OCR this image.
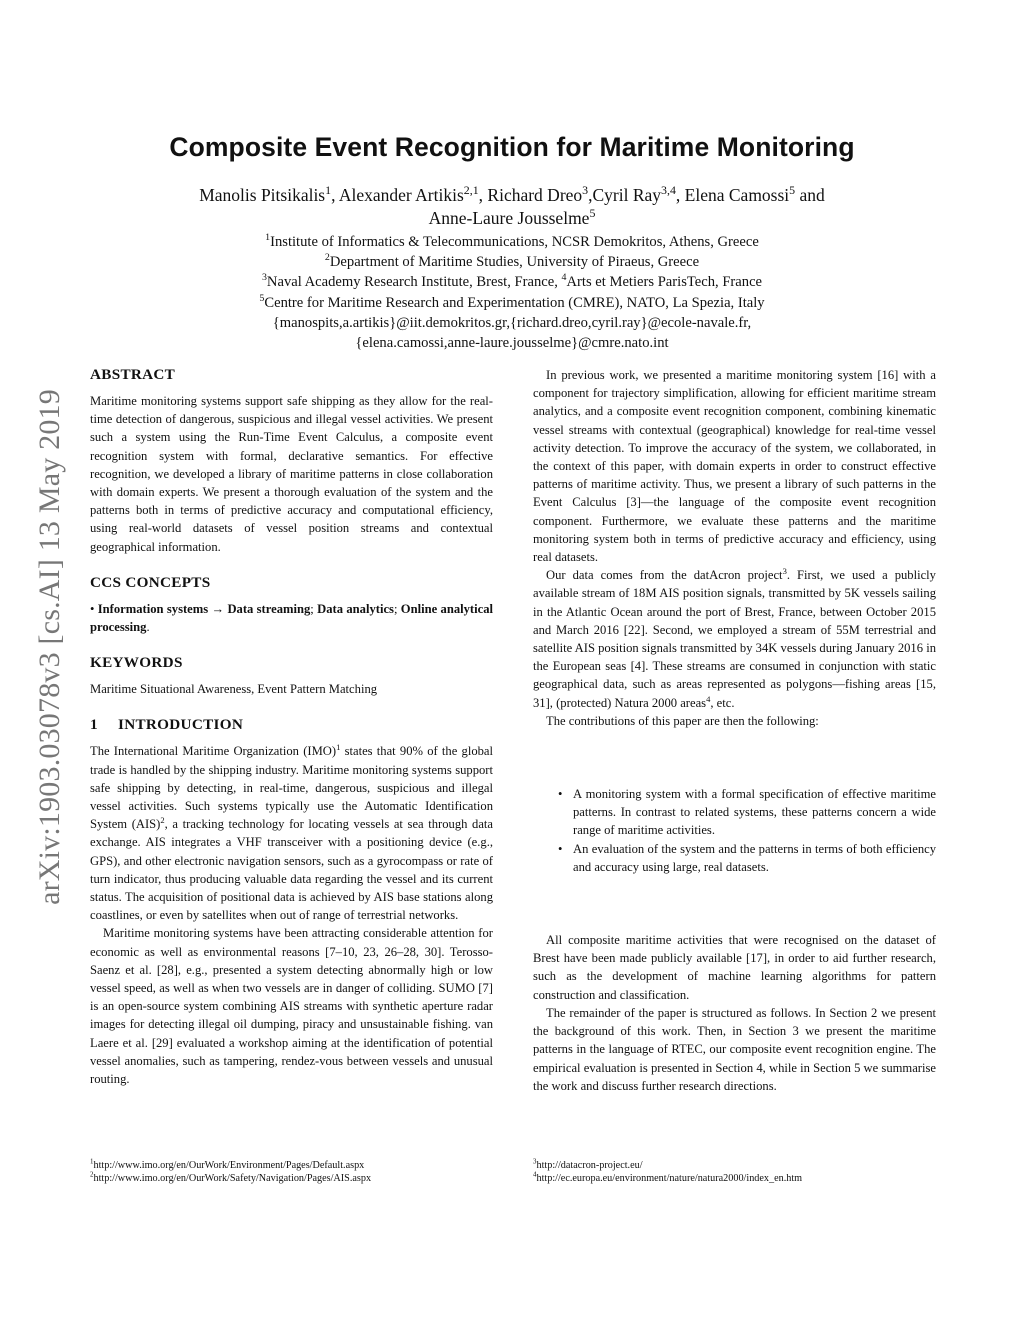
arXiv:1903.03078v3 [cs.AI] 13 May 2019
Composite Event Recognition for Maritime Monitoring
Manolis Pitsikalis$^1$, Alexander Artikis$^{2,1}$, Richard Dreo$^3$,Cyril Ray$^{3,4}$, Elena Camossi$^5$ and
Anne-Laure Jousselme$^5$
$^1$Institute of Informatics & Telecommunications, NCSR Demokritos, Athens, Greece
$^2$Department of Maritime Studies, University of Piraeus, Greece
$^3$Naval Academy Research Institute, Brest, France, $^4$Arts et Metiers ParisTech, France
$^5$Centre for Maritime Research and Experimentation (CMRE), NATO, La Spezia, Italy
{manospits,a.artikis}@iit.demokritos.gr,{richard.dreo,cyril.ray}@ecole-navale.fr,
{elena.camossi,anne-laure.jousselme}@cmre.nato.int
ABSTRACT

Maritime monitoring systems support safe shipping as they allow for the real-time detection of dangerous, suspicious and illegal vessel activities. We present such a system using the Run-Time Event Calculus, a composite event recognition system with formal, declarative semantics. For effective recognition, we developed a library of maritime patterns in close collaboration with domain experts. We present a thorough evaluation of the system and the patterns both in terms of predictive accuracy and computational efficiency, using real-world datasets of vessel position streams and contextual geographical information.

CCS CONCEPTS

• Information systems → Data streaming; Data analytics; Online analytical processing.

KEYWORDS

Maritime Situational Awareness, Event Pattern Matching

1 INTRODUCTION

The International Maritime Organization (IMO)$^1$ states that 90% of the global trade is handled by the shipping industry. Maritime monitoring systems support safe shipping by detecting, in real-time, dangerous, suspicious and illegal vessel activities. Such systems typically use the Automatic Identification System (AIS)$^2$, a tracking technology for locating vessels at sea through data exchange. AIS integrates a VHF transceiver with a positioning device (e.g., GPS), and other electronic navigation sensors, such as a gyrocompass or rate of turn indicator, thus producing valuable data regarding the vessel and its current status. The acquisition of positional data is achieved by AIS base stations along coastlines, or even by satellites when out of range of terrestrial networks.

Maritime monitoring systems have been attracting considerable attention for economic as well as environmental reasons [7–10, 23, 26–28, 30]. Terosso-Saenz et al. [28], e.g., presented a system detecting abnormally high or low vessel speed, as well as when two vessels are in danger of colliding. SUMO [7] is an open-source system combining AIS streams with synthetic aperture radar images for detecting illegal oil dumping, piracy and unsustainable fishing. van Laere et al. [29] evaluated a workshop aiming at the identification of potential vessel anomalies, such as tampering, rendez-vous between vessels and unusual routing.

In previous work, we presented a maritime monitoring system [16] with a component for trajectory simplification, allowing for efficient maritime stream analytics, and a composite event recognition component, combining kinematic vessel streams with contextual (geographical) knowledge for real-time vessel activity detection. To improve the accuracy of the system, we collaborated, in the context of this paper, with domain experts in order to construct effective patterns of maritime activity. Thus, we present a library of such patterns in the Event Calculus [3]—the language of the composite event recognition component. Furthermore, we evaluate these patterns and the maritime monitoring system both in terms of predictive accuracy and efficiency, using real datasets.

Our data comes from the datAcron project$^3$. First, we used a publicly available stream of 18M AIS position signals, transmitted by 5K vessels sailing in the Atlantic Ocean around the port of Brest, France, between October 2015 and March 2016 [22]. Second, we employed a stream of 55M terrestrial and satellite AIS position signals transmitted by 34K vessels during January 2016 in the European seas [4]. These streams are consumed in conjunction with static geographical data, such as areas represented as polygons—fishing areas [15, 31], (protected) Natura 2000 areas$^4$, etc.

The contributions of this paper are then the following:

• A monitoring system with a formal specification of effective maritime patterns. In contrast to related systems, these patterns concern a wide range of maritime activities.
• An evaluation of the system and the patterns in terms of both efficiency and accuracy using large, real datasets.

All composite maritime activities that were recognised on the dataset of Brest have been made publicly available [17], in order to aid further research, such as the development of machine learning algorithms for pattern construction and classification.

The remainder of the paper is structured as follows. In Section 2 we present the background of this work. Then, in Section 3 we present the maritime patterns in the language of RTEC, our composite event recognition engine. The empirical evaluation is presented in Section 4, while in Section 5 we summarise the work and discuss further research directions.

$^1$http://www.imo.org/en/OurWork/Environment/Pages/Default.aspx
$^2$http://www.imo.org/en/OurWork/Safety/Navigation/Pages/AIS.aspx
$^3$http://datacron-project.eu/
$^4$http://ec.europa.eu/environment/nature/natura2000/index_en.htm
